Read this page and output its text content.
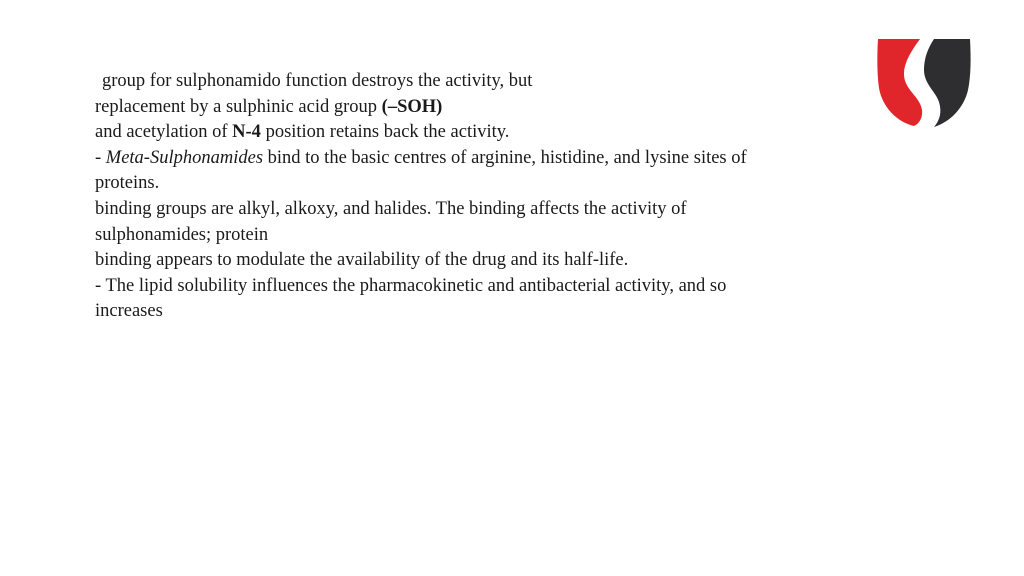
group for sulphonamido function destroys the activity, but
replacement by a sulphinic acid group (–SOH)
and acetylation of N-4 position retains back the activity.
- Meta-Sulphonamides bind to the basic centres of arginine, histidine, and lysine sites of
proteins.
binding groups are alkyl, alkoxy, and halides. The binding affects the activity of
sulphonamides; protein
binding appears to modulate the availability of the drug and its half-life.
- The lipid solubility influences the pharmacokinetic and antibacterial activity, and so
increases
